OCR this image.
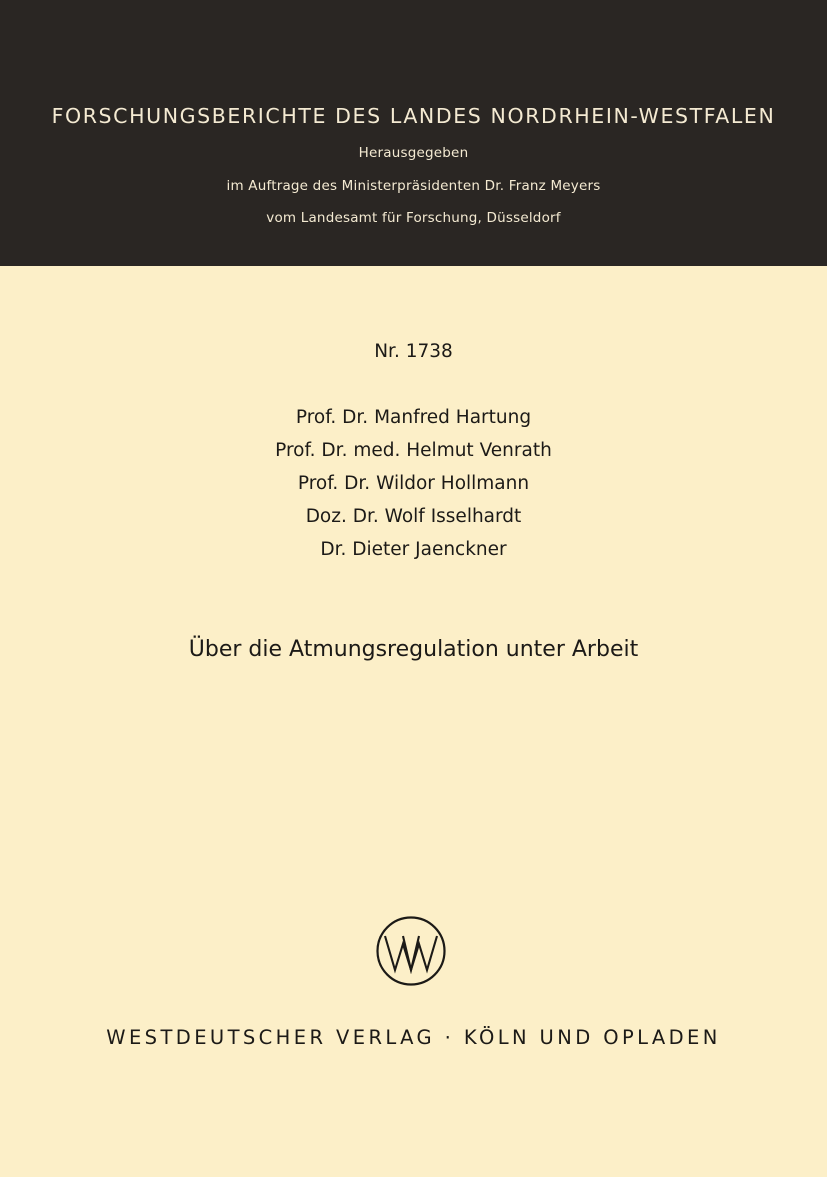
FORSCHUNGSBERICHTE DES LANDES NORDRHEIN-WESTFALEN
Herausgegeben
im Auftrage des Ministerpräsidenten Dr. Franz Meyers
vom Landesamt für Forschung, Düsseldorf
Nr. 1738
Prof. Dr. Manfred Hartung
Prof. Dr. med. Helmut Venrath
Prof. Dr. Wildor Hollmann
Doz. Dr. Wolf Isselhardt
Dr. Dieter Jaenckner
Über die Atmungsregulation unter Arbeit
WESTDEUTSCHER VERLAG · KÖLN UND OPLADEN
